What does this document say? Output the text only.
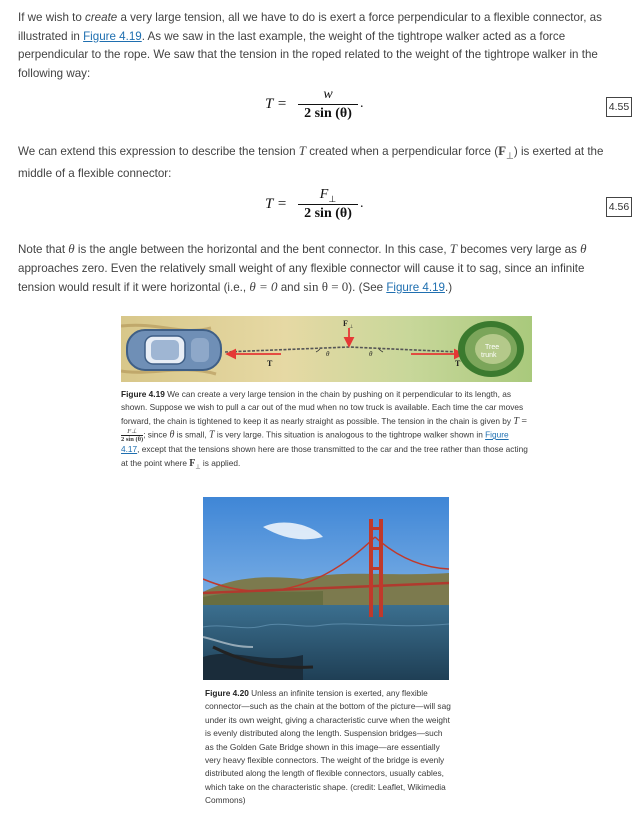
If we wish to create a very large tension, all we have to do is exert a force perpendicular to a flexible connector, as illustrated in Figure 4.19. As we saw in the last example, the weight of the tightrope walker acted as a force perpendicular to the rope. We saw that the tension in the roped related to the weight of the tightrope walker in the following way:
T =
w
2 sin (θ)
.	4.55
We can extend this expression to describe the tension T created when a perpendicular force $(F_\perp)$ is exerted at the middle of a flexible connector:
T =
$F_\perp$
2 sin (θ)
.	4.56
Note that θ is the angle between the horizontal and the bent connector. In this case, T becomes very large as θ approaches zero. Even the relatively small weight of any flexible connector will cause it to sag, since an infinite tension would result if it were horizontal (i.e., θ = 0 and sin θ = 0). (See Figure 4.19.)
T	T
F ⊥
θ	θ
Tree
trunk
Figure 4.19 We can create a very large tension in the chain by pushing on it perpendicular to its length, as shown. Suppose we wish to pull a car out of the mud when no tow truck is available. Each time the car moves forward, the chain is tightened to keep it as nearly straight as possible. The tension in the chain is given by T =
$\frac{F\perp}{2 \sin (\theta)}$ ; since θ is small, T is very large. This situation is analogous to the tightrope walker shown in Figure 4.17, except that the tensions shown here are those transmitted to the car and the tree rather than those acting at the point where $F_\perp$ is applied.
Figure 4.20 Unless an infinite tension is exerted, any flexible connector—such as the chain at the bottom of the picture—will sag under its own weight, giving a characteristic curve when the weight is evenly distributed along the length. Suspension bridges—such as the Golden Gate Bridge shown in this image—are essentially very heavy flexible connectors. The weight of the bridge is evenly distributed along the length of flexible connectors, usually cables, which take on the characteristic shape. (credit: Leaflet, Wikimedia Commons)
